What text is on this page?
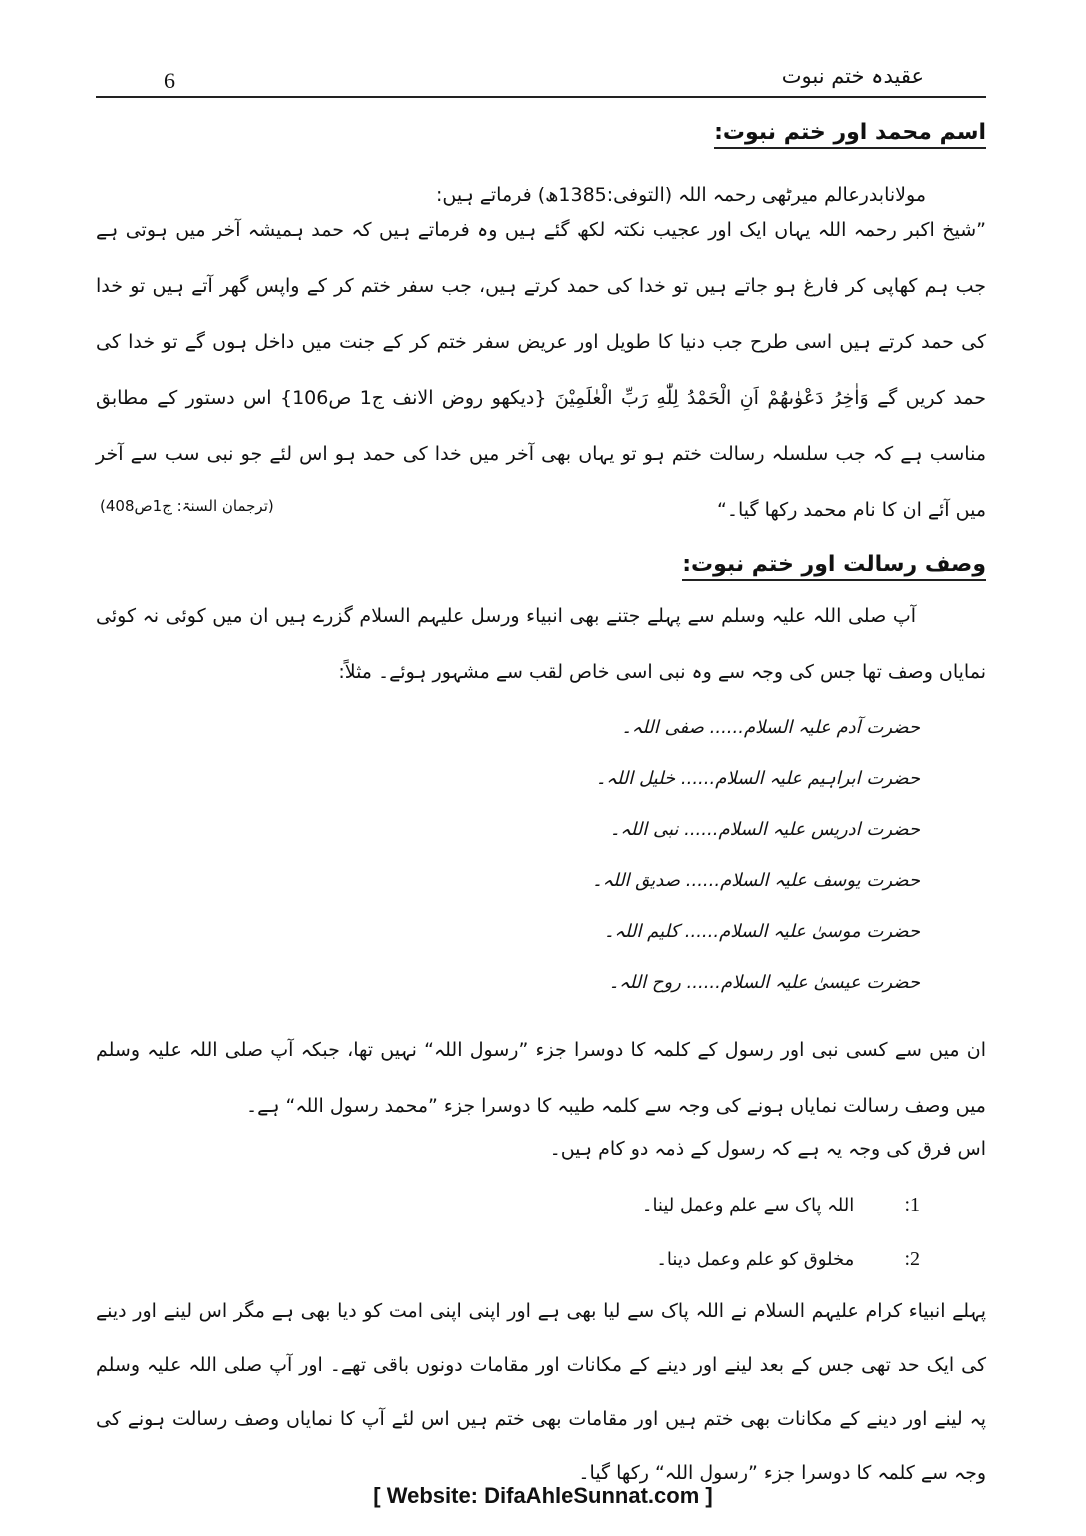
6	عقیدہ ختم نبوت
اسم محمد اور ختم نبوت:
مولانابدرعالم میرٹھی رحمہ اللہ (التوفی:1385ھ) فرماتے ہیں:
”شیخ اکبر رحمہ اللہ یہاں ایک اور عجیب نکتہ لکھ گئے ہیں وہ فرماتے ہیں کہ حمد ہمیشہ آخر میں ہوتی ہے جب ہم کھاپی کر فارغ ہو جاتے ہیں تو خدا کی حمد کرتے ہیں، جب سفر ختم کر کے واپس گھر آتے ہیں تو خدا کی حمد کرتے ہیں اسی طرح جب دنیا کا طویل اور عریض سفر ختم کر کے جنت میں داخل ہوں گے تو خدا کی حمد کریں گے وَاٰخِرُ دَعْوٰىهُمْ اَنِ الْحَمْدُ لِلّٰهِ رَبِّ الْعٰلَمِيْنَ {دیکھو روض الانف ج1 ص106} اس دستور کے مطابق مناسب ہے کہ جب سلسلہ رسالت ختم ہو تو یہاں بھی آخر میں خدا کی حمد ہو اس لئے جو نبی سب سے آخر میں آئے ان کا نام محمد رکھا گیا۔“
(ترجمان السنۃ: ج1ص408)
وصف رسالت اور ختم نبوت:
آپ صلی اللہ علیہ وسلم سے پہلے جتنے بھی انبیاء ورسل علیہم السلام گزرے ہیں ان میں کوئی نہ کوئی نمایاں وصف تھا جس کی وجہ سے وہ نبی اسی خاص لقب سے مشہور ہوئے۔ مثلاً:
حضرت آدم علیہ السلام...... صفی اللہ۔
حضرت ابراہیم علیہ السلام...... خلیل اللہ۔
حضرت ادریس علیہ السلام...... نبی اللہ۔
حضرت یوسف علیہ السلام...... صدیق اللہ۔
حضرت موسیٰ علیہ السلام...... کلیم اللہ۔
حضرت عیسیٰ علیہ السلام...... روح اللہ۔
ان میں سے کسی نبی اور رسول کے کلمہ کا دوسرا جزء ”رسول اللہ“ نہیں تھا، جبکہ آپ صلی اللہ علیہ وسلم میں وصف رسالت نمایاں ہونے کی وجہ سے کلمہ طیبہ کا دوسرا جزء ”محمد رسول اللہ“ ہے۔
اس فرق کی وجہ یہ ہے کہ رسول کے ذمہ دو کام ہیں۔
1: اللہ پاک سے علم وعمل لینا۔
2: مخلوق کو علم وعمل دینا۔
پہلے انبیاء کرام علیہم السلام نے اللہ پاک سے لیا بھی ہے اور اپنی اپنی امت کو دیا بھی ہے مگر اس لینے اور دینے کی ایک حد تھی جس کے بعد لینے اور دینے کے مکانات اور مقامات دونوں باقی تھے۔ اور آپ صلی اللہ علیہ وسلم پہ لینے اور دینے کے مکانات بھی ختم ہیں اور مقامات بھی ختم ہیں اس لئے آپ کا نمایاں وصف رسالت ہونے کی وجہ سے کلمہ کا دوسرا جزء ”رسول اللہ“ رکھا گیا۔
[ Website: DifaAhleSunnat.com ]
